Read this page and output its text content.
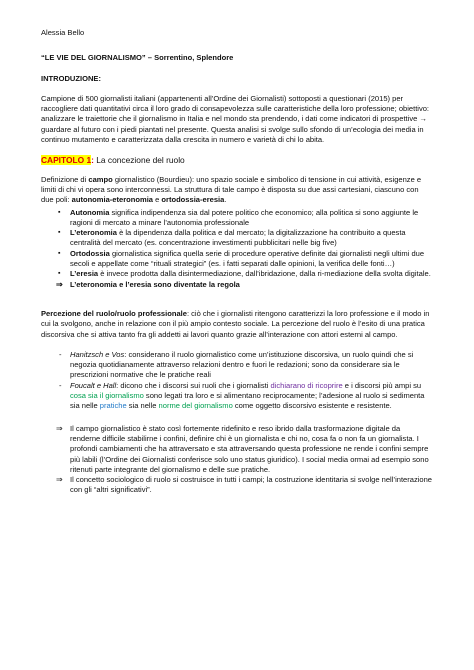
Alessia Bello

“LE VIE DEL GIORNALISMO” – Sorrentino, Splendore

INTRODUZIONE:

Campione di 500 giornalisti italiani (appartenenti all’Ordine dei Giornalisti) sottoposti a questionari (2015) per raccogliere dati quantitativi circa il loro grado di consapevolezza sulle caratteristiche della loro professione; obiettivo: analizzare le traiettorie che il giornalismo in Italia e nel mondo sta prendendo, i dati come indicatori di prospettive → guardare al futuro con i piedi piantati nel presente. Questa analisi si svolge sullo sfondo di un’ecologia dei media in continuo mutamento e caratterizzata dalla crescita in numero e varietà di chi lo abita.

CAPITOLO 1: La concezione del ruolo

Definizione di campo giornalistico (Bourdieu): uno spazio sociale e simbolico di tensione in cui attività, esigenze e limiti di chi vi opera sono interconnessi. La struttura di tale campo è disposta su due assi cartesiani, ciascuno con due poli: autonomia-eteronomia e ortodossia-eresia.

▪ Autonomia significa indipendenza sia dal potere politico che economico; alla politica si sono aggiunte le ragioni di mercato a minare l’autonomia professionale
▪ L’eteronomia è la dipendenza dalla politica e dal mercato; la digitalizzazione ha contribuito a questa centralità del mercato (es. concentrazione investimenti pubblicitari nelle big five)
▪ Ortodossia giornalistica significa quella serie di procedure operative definite dai giornalisti negli ultimi due secoli e appellate come “rituali strategici” (es. i fatti separati dalle opinioni, la verifica delle fonti…)
▪ L’eresia è invece prodotta dalla disintermediazione, dall’ibridazione, dalla ri-mediazione della svolta digitale.
⇒ L’eteronomia e l’eresia sono diventate la regola

Percezione del ruolo/ruolo professionale: ciò che i giornalisti ritengono caratterizzi la loro professione e il modo in cui la svolgono, anche in relazione con il più ampio contesto sociale. La percezione del ruolo è l’esito di una pratica discorsiva che si attiva tanto fra gli addetti ai lavori quanto grazie all’interazione con attori esterni al campo.

- Hanitzsch e Vos: considerano il ruolo giornalistico come un’istituzione discorsiva, un ruolo quindi che si negozia quotidianamente attraverso relazioni dentro e fuori le redazioni; sono da considerare sia le prescrizioni normative che le pratiche reali
- Foucalt e Hall: dicono che i discorsi sui ruoli che i giornalisti dichiarano di ricoprire e i discorsi più ampi su cosa sia il giornalismo sono legati tra loro e si alimentano reciprocamente; l’adesione al ruolo si sedimenta sia nelle pratiche sia nelle norme del giornalismo come oggetto discorsivo esistente e resistente.
⇒ Il campo giornalistico è stato così fortemente ridefinito e reso ibrido dalla trasformazione digitale da renderne difficile stabilirne i confini, definire chi è un giornalista e chi no, cosa fa o non fa un giornalista. I profondi cambiamenti che ha attraversato e sta attraversando questa professione ne rende i confini sempre più labili (l’Ordine dei Giornalisti conferisce solo uno status giuridico). I social media ormai ad esempio sono ritenuti parte integrante del giornalismo e delle sue pratiche.
⇒ Il concetto sociologico di ruolo si costruisce in tutti i campi; la costruzione identitaria si svolge nell’interazione con gli “altri significativi”.
